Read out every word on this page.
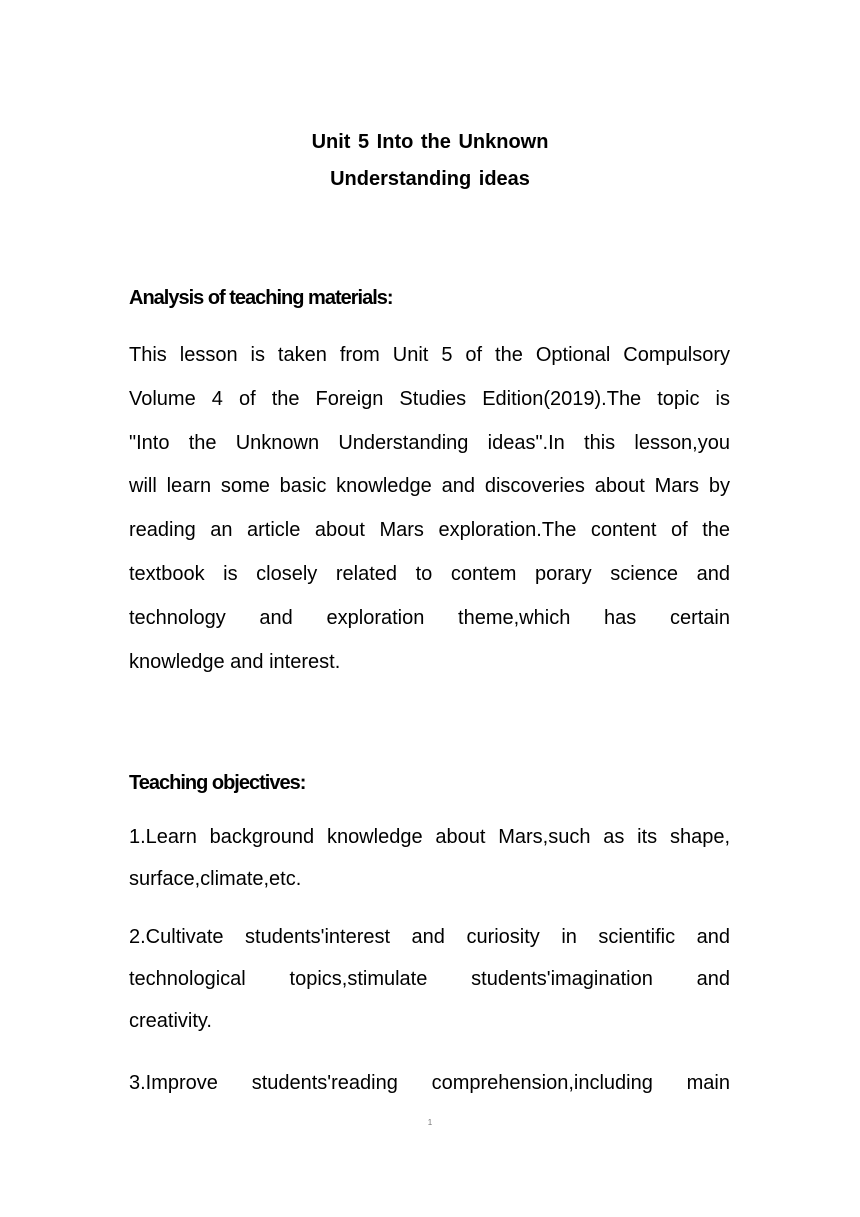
Unit 5 Into the Unknown
Understanding ideas
Analysis of teaching materials:
This lesson is taken from Unit 5 of the Optional Compulsory
Volume 4 of the Foreign Studies Edition(2019).The topic is
"Into the Unknown Understanding ideas".In this lesson,you
will learn some basic knowledge and discoveries about Mars by
reading an article about Mars exploration.The content of the
textbook is closely related to contem porary science and
technology and exploration theme,which has certain
knowledge and interest.
Teaching objectives:
1.Learn background knowledge about Mars,such as its shape,
surface,climate,etc.
2.Cultivate students'interest and curiosity in scientific and
technological topics,stimulate students'imagination and
creativity.
3.Improve students'reading comprehension,including main
1
